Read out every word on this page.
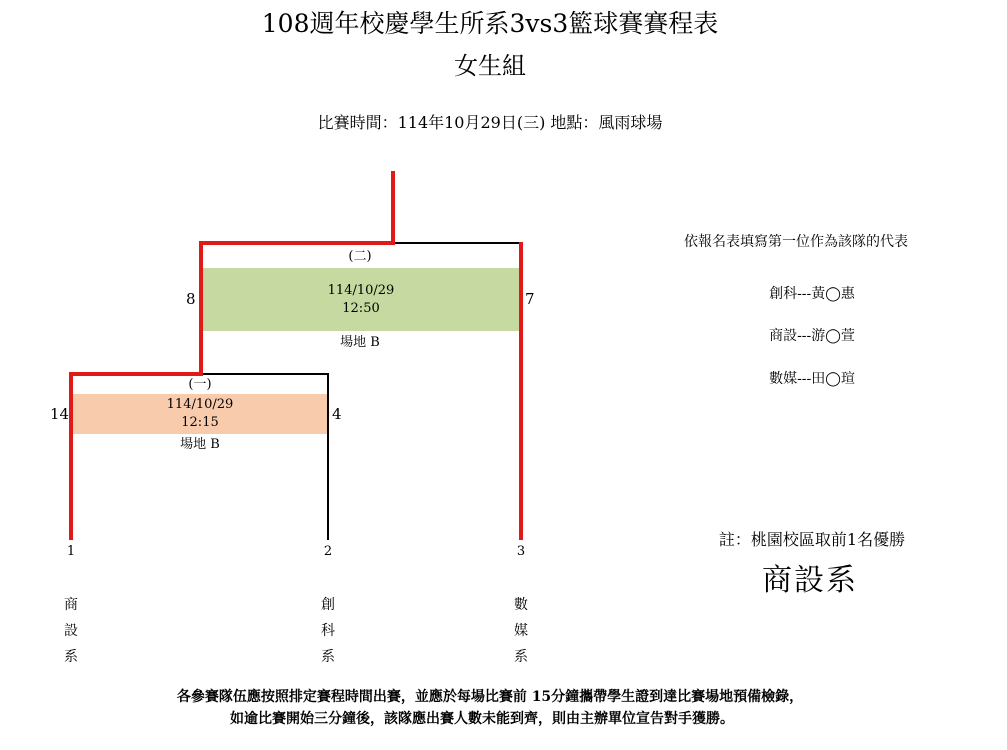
108週年校慶學生所系3vs3籃球賽賽程表
女生組
比賽時間：114年10月29日(三) 地點：風雨球場
114/10/29
12:50
114/10/29
12:15
(二)
場地 B
(一)
場地 B
8	7
14	4
1	2	3
商
設
系
創
科
系
數
媒
系
依報名表填寫第一位作為該隊的代表
創科---黃◯惠
商設---游◯萱
數媒---田◯瑄
註：桃園校區取前1名優勝
商設系
各參賽隊伍應按照排定賽程時間出賽，並應於每場比賽前 15分鐘攜帶學生證到達比賽場地預備檢錄，
如逾比賽開始三分鐘後，該隊應出賽人數未能到齊，則由主辦單位宣告對手獲勝。
